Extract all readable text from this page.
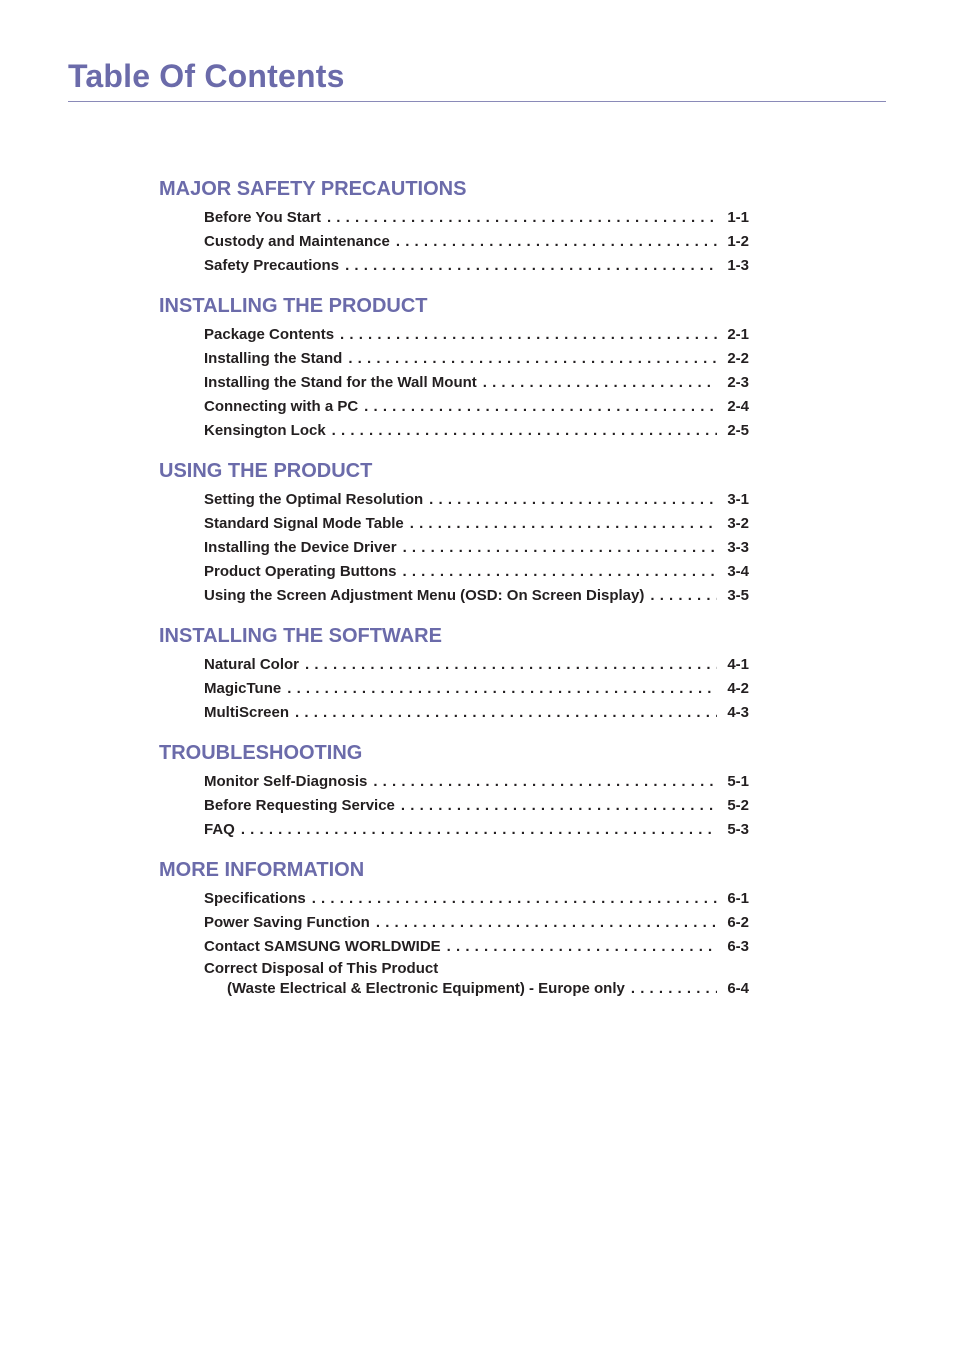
Table Of Contents
MAJOR SAFETY PRECAUTIONS
Before You Start . . .	1-1
Custody and Maintenance . . .	1-2
Safety Precautions . . .	1-3
INSTALLING THE PRODUCT
Package Contents . . .	2-1
Installing the Stand . . .	2-2
Installing the Stand for the Wall Mount . . .	2-3
Connecting with a PC . . .	2-4
Kensington Lock . . .	2-5
USING THE PRODUCT
Setting the Optimal Resolution . . .	3-1
Standard Signal Mode Table . . .	3-2
Installing the Device Driver . . .	3-3
Product Operating Buttons . . .	3-4
Using the Screen Adjustment Menu (OSD: On Screen Display) . . .	3-5
INSTALLING THE SOFTWARE
Natural Color . . .	4-1
MagicTune . . .	4-2
MultiScreen . . .	4-3
TROUBLESHOOTING
Monitor Self-Diagnosis . . .	5-1
Before Requesting Service . . .	5-2
FAQ . . .	5-3
MORE INFORMATION
Specifications . . .	6-1
Power Saving Function . . .	6-2
Contact SAMSUNG WORLDWIDE . . .	6-3
Correct Disposal of This Product
(Waste Electrical & Electronic Equipment) - Europe only . . .	6-4
